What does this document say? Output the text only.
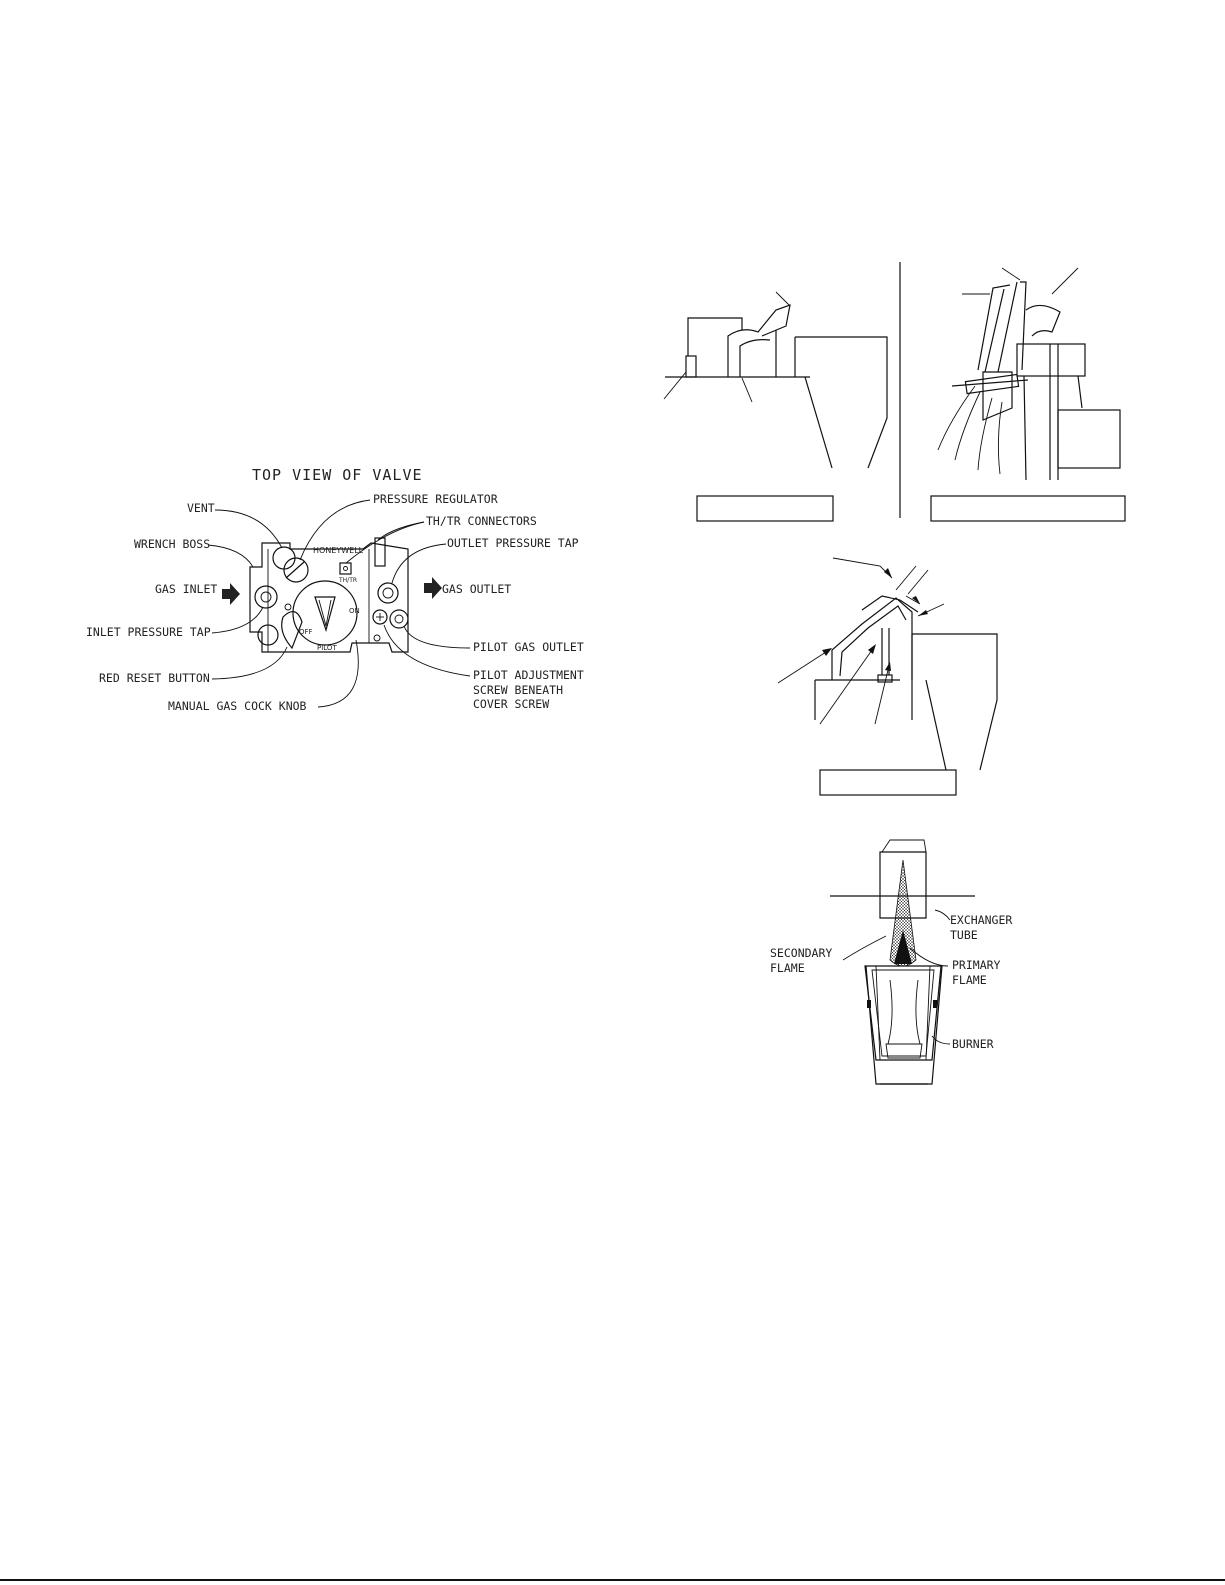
TOP VIEW OF VALVE
HONEYWELL
TH/TR
OFF
ON
PILOT
VENT
PRESSURE REGULATOR
TH/TR CONNECTORS
WRENCH BOSS	OUTLET PRESSURE TAP
GAS INLET	GAS OUTLET
INLET PRESSURE TAP
PILOT GAS OUTLET
RED RESET BUTTON	PILOT ADJUSTMENT
SCREW BENEATH
COVER SCREW
MANUAL GAS COCK KNOB
EXCHANGER
TUBE
SECONDARY
FLAME	PRIMARY
FLAME
BURNER
